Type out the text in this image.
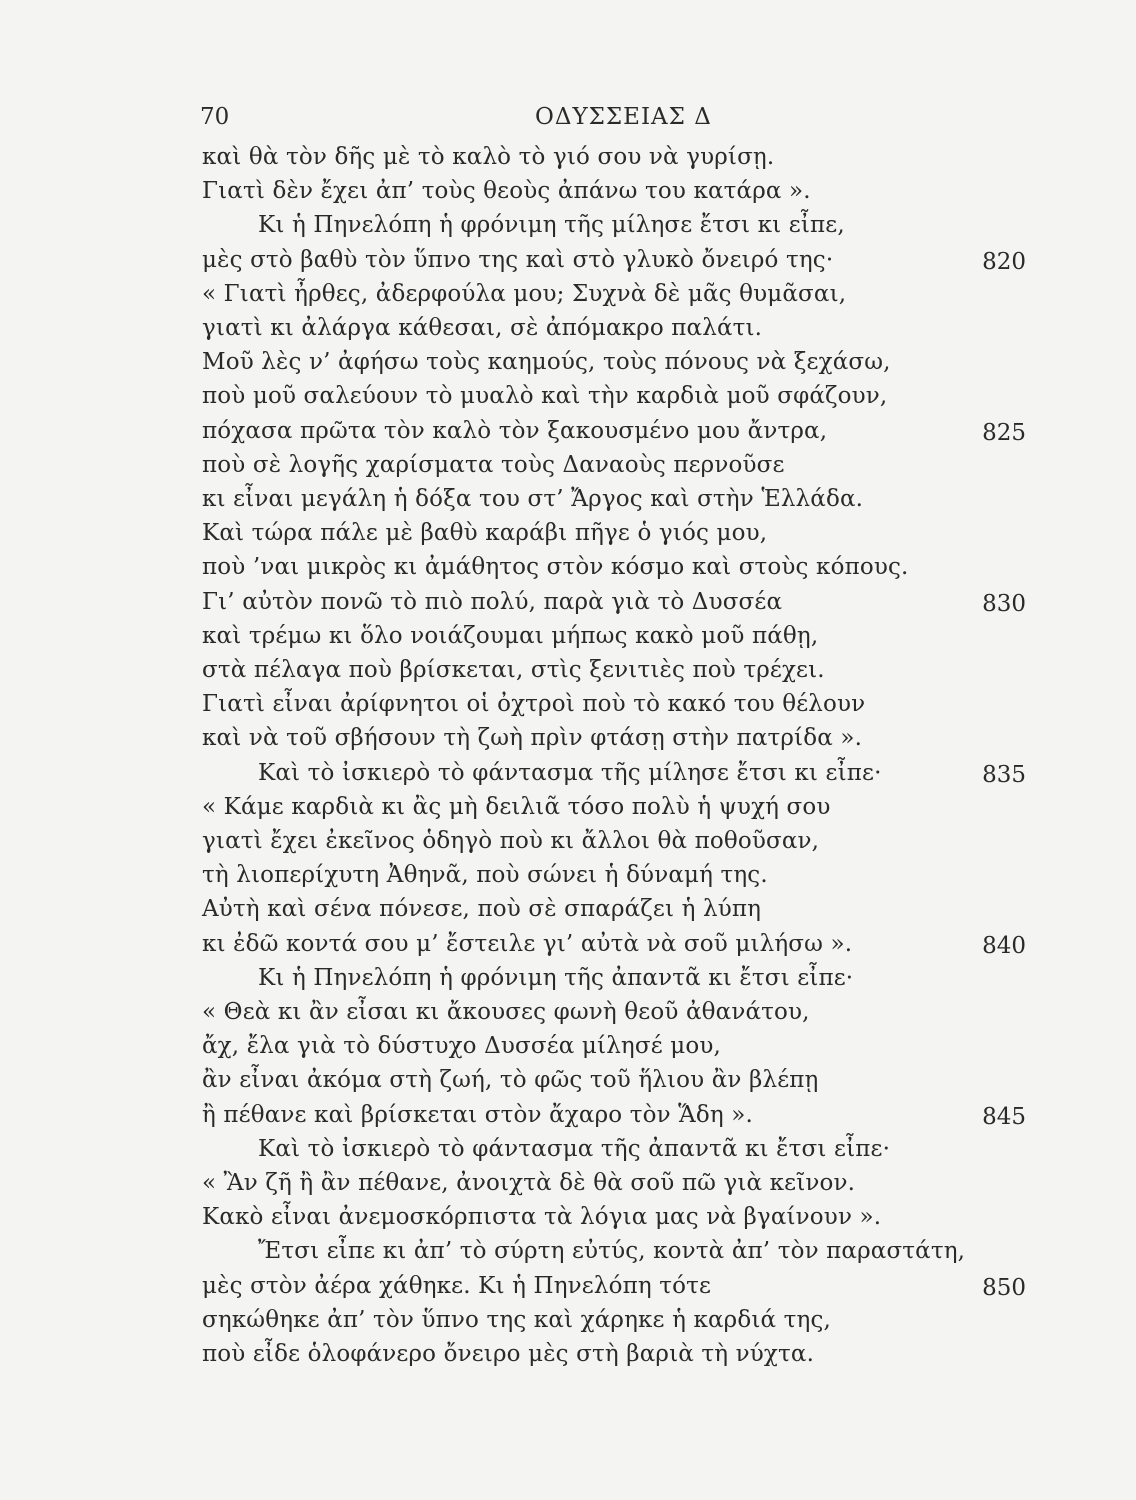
70	ΟΔΥΣΣΕΙΑΣ Δ
καὶ θὰ τὸν δῆς μὲ τὸ καλὸ τὸ γιό σου νὰ γυρίσῃ.
Γιατὶ δὲν ἔχει ἀπ’ τοὺς θεοὺς ἀπάνω του κατάρα ».
Κι ἡ Πηνελόπη ἡ φρόνιμη τῆς μίλησε ἔτσι κι εἶπε,
μὲς στὸ βαθὺ τὸν ὕπνο της καὶ στὸ γλυκὸ ὄνειρό της·	820
« Γιατὶ ἦρθες, ἀδερφούλα μου; Συχνὰ δὲ μᾶς θυμᾶσαι,
γιατὶ κι ἀλάργα κάθεσαι, σὲ ἀπόμακρο παλάτι.
Μοῦ λὲς ν’ ἀφήσω τοὺς καημούς, τοὺς πόνους νὰ ξεχάσω,
ποὺ μοῦ σαλεύουν τὸ μυαλὸ καὶ τὴν καρδιὰ μοῦ σφάζουν,
πόχασα πρῶτα τὸν καλὸ τὸν ξακουσμένο μου ἄντρα,	825
ποὺ σὲ λογῆς χαρίσματα τοὺς Δαναοὺς περνοῦσε
κι εἶναι μεγάλη ἡ δόξα του στ’ Ἄργος καὶ στὴν Ἑλλάδα.
Καὶ τώρα πάλε μὲ βαθὺ καράβι πῆγε ὁ γιός μου,
ποὺ ’ναι μικρὸς κι ἀμάθητος στὸν κόσμο καὶ στοὺς κόπους.
Γι’ αὐτὸν πονῶ τὸ πιὸ πολύ, παρὰ γιὰ τὸ Δυσσέα	830
καὶ τρέμω κι ὅλο νοιάζουμαι μήπως κακὸ μοῦ πάθῃ,
στὰ πέλαγα ποὺ βρίσκεται, στὶς ξενιτιὲς ποὺ τρέχει.
Γιατὶ εἶναι ἀρίφνητοι οἱ ὀχτροὶ ποὺ τὸ κακό του θέλουν
καὶ νὰ τοῦ σβήσουν τὴ ζωὴ πρὶν φτάσῃ στὴν πατρίδα ».
Καὶ τὸ ἰσκιερὸ τὸ φάντασμα τῆς μίλησε ἔτσι κι εἶπε·	835
« Κάμε καρδιὰ κι ἂς μὴ δειλιᾶ τόσο πολὺ ἡ ψυχή σου
γιατὶ ἔχει ἐκεῖνος ὁδηγὸ ποὺ κι ἄλλοι θὰ ποθοῦσαν,
τὴ λιοπερίχυτη Ἀθηνᾶ, ποὺ σώνει ἡ δύναμή της.
Αὐτὴ καὶ σένα πόνεσε, ποὺ σὲ σπαράζει ἡ λύπη
κι ἐδῶ κοντά σου μ’ ἔστειλε γι’ αὐτὰ νὰ σοῦ μιλήσω ».	840
Κι ἡ Πηνελόπη ἡ φρόνιμη τῆς ἀπαντᾶ κι ἔτσι εἶπε·
« Θεὰ κι ἂν εἶσαι κι ἄκουσες φωνὴ θεοῦ ἀθανάτου,
ἄχ, ἔλα γιὰ τὸ δύστυχο Δυσσέα μίλησέ μου,
ἂν εἶναι ἀκόμα στὴ ζωή, τὸ φῶς τοῦ ἥλιου ἂν βλέπῃ
ἢ πέθανε καὶ βρίσκεται στὸν ἄχαρο τὸν Ἅδη ».	845
Καὶ τὸ ἰσκιερὸ τὸ φάντασμα τῆς ἀπαντᾶ κι ἔτσι εἶπε·
« Ἂν ζῆ ἢ ἂν πέθανε, ἀνοιχτὰ δὲ θὰ σοῦ πῶ γιὰ κεῖνον.
Κακὸ εἶναι ἀνεμοσκόρπιστα τὰ λόγια μας νὰ βγαίνουν ».
Ἔτσι εἶπε κι ἀπ’ τὸ σύρτη εὐτύς, κοντὰ ἀπ’ τὸν παραστάτη,
μὲς στὸν ἀέρα χάθηκε. Κι ἡ Πηνελόπη τότε	850
σηκώθηκε ἀπ’ τὸν ὕπνο της καὶ χάρηκε ἡ καρδιά της,
ποὺ εἶδε ὁλοφάνερο ὄνειρο μὲς στὴ βαριὰ τὴ νύχτα.
